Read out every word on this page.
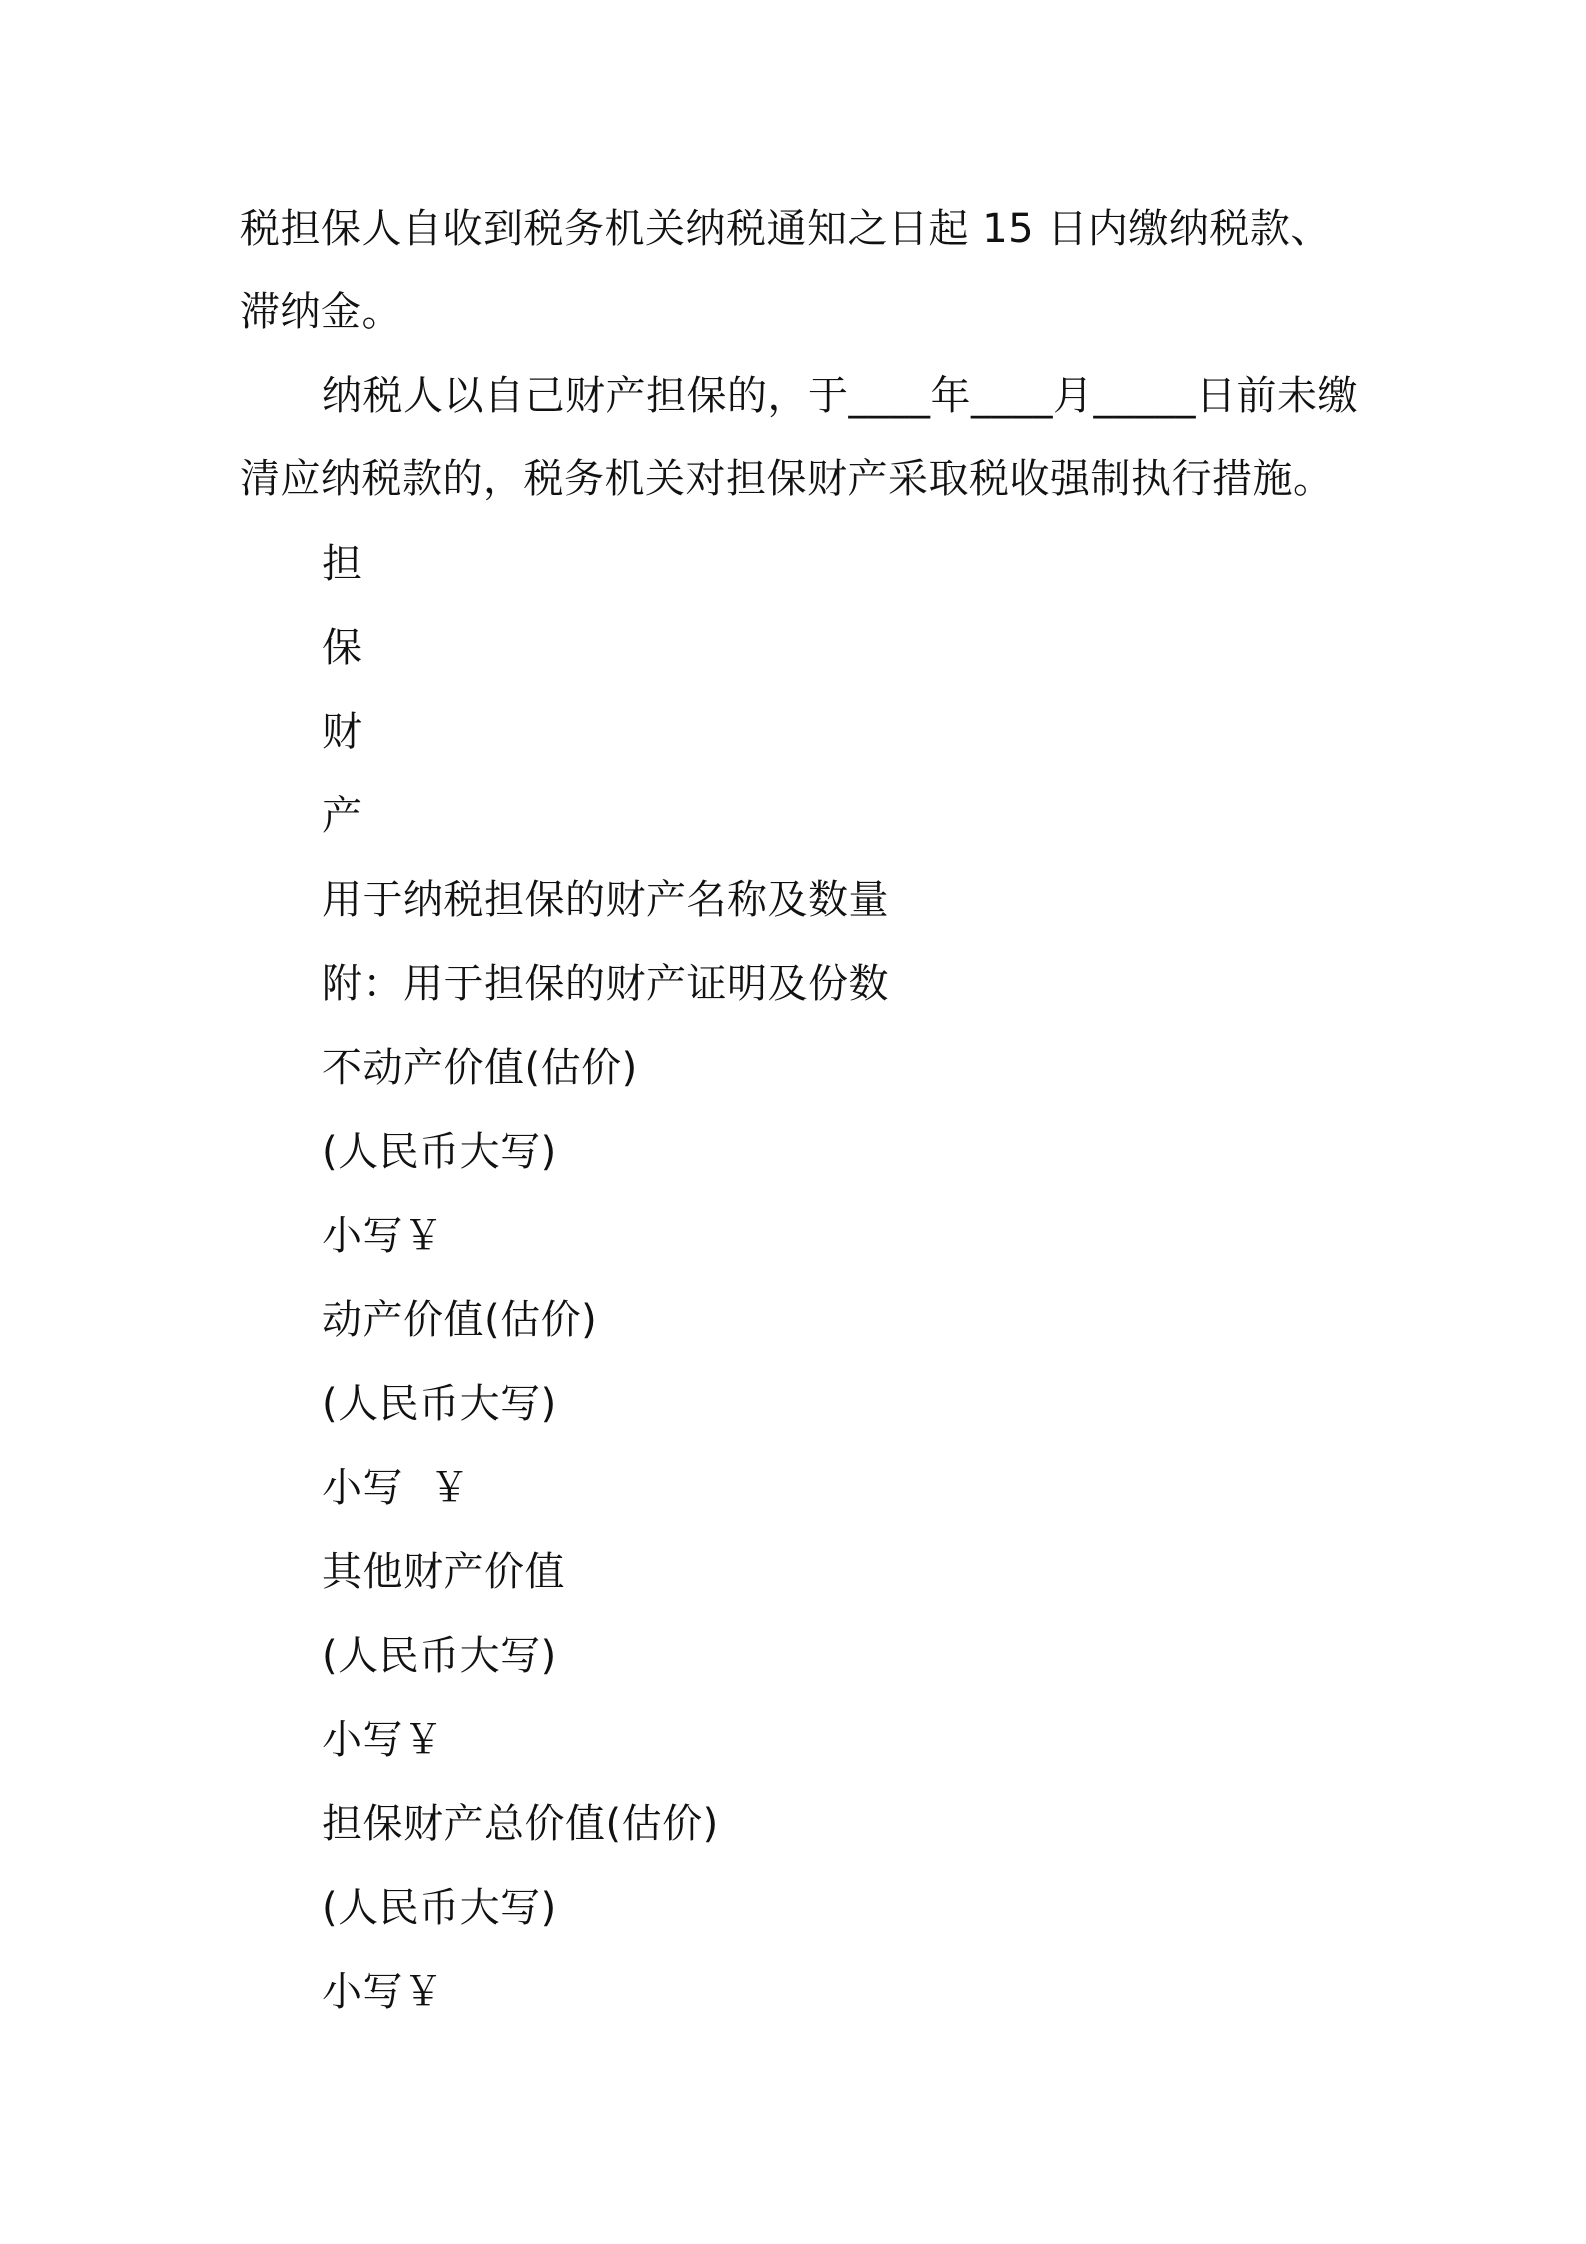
税担保人自收到税务机关纳税通知之日起 15 日内缴纳税款、滞纳金。

纳税人以自己财产担保的，于____年____月_____日前未缴清应纳税款的，税务机关对担保财产采取税收强制执行措施。

担
保
财
产
用于纳税担保的财产名称及数量
附：用于担保的财产证明及份数
不动产价值(估价)
(人民币大写)
小写￥
动产价值(估价)
(人民币大写)
小写  ￥
其他财产价值
(人民币大写)
小写￥
担保财产总价值(估价)
(人民币大写)
小写￥
